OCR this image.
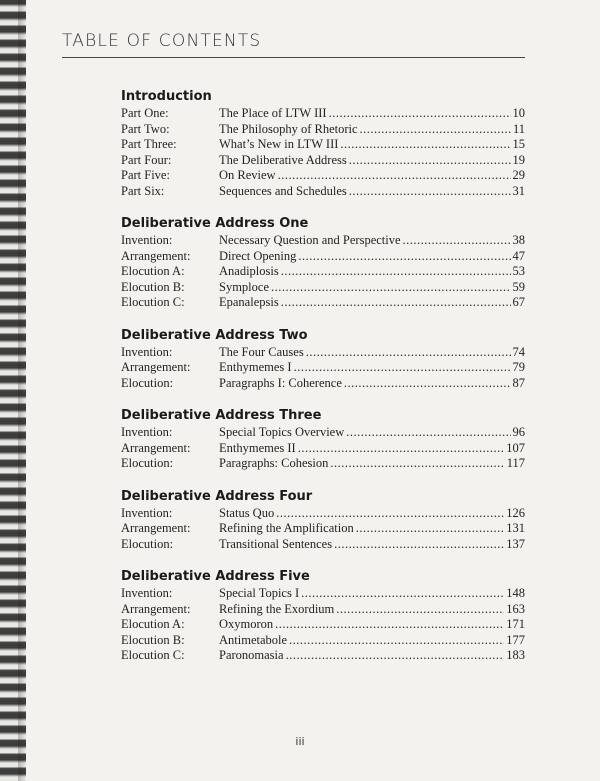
TABLE OF CONTENTS
Introduction
Part One:	The Place of LTW III .....	10
Part Two:	The Philosophy of Rhetoric .....	11
Part Three:	What’s New in LTW III .....	15
Part Four:	The Deliberative Address .....	19
Part Five:	On Review .....	29
Part Six:	Sequences and Schedules .....	31
Deliberative Address One
Invention:	Necessary Question and Perspective .....	38
Arrangement:	Direct Opening .....	47
Elocution A:	Anadiplosis .....	53
Elocution B:	Symploce .....	59
Elocution C:	Epanalepsis .....	67
Deliberative Address Two
Invention:	The Four Causes .....	74
Arrangement:	Enthymemes I .....	79
Elocution:	Paragraphs I: Coherence .....	87
Deliberative Address Three
Invention:	Special Topics Overview .....	96
Arrangement:	Enthymemes II .....	107
Elocution:	Paragraphs: Cohesion .....	117
Deliberative Address Four
Invention:	Status Quo .....	126
Arrangement:	Refining the Amplification .....	131
Elocution:	Transitional Sentences .....	137
Deliberative Address Five
Invention:	Special Topics I .....	148
Arrangement:	Refining the Exordium .....	163
Elocution A:	Oxymoron .....	171
Elocution B:	Antimetabole .....	177
Elocution C:	Paronomasia .....	183
iii
